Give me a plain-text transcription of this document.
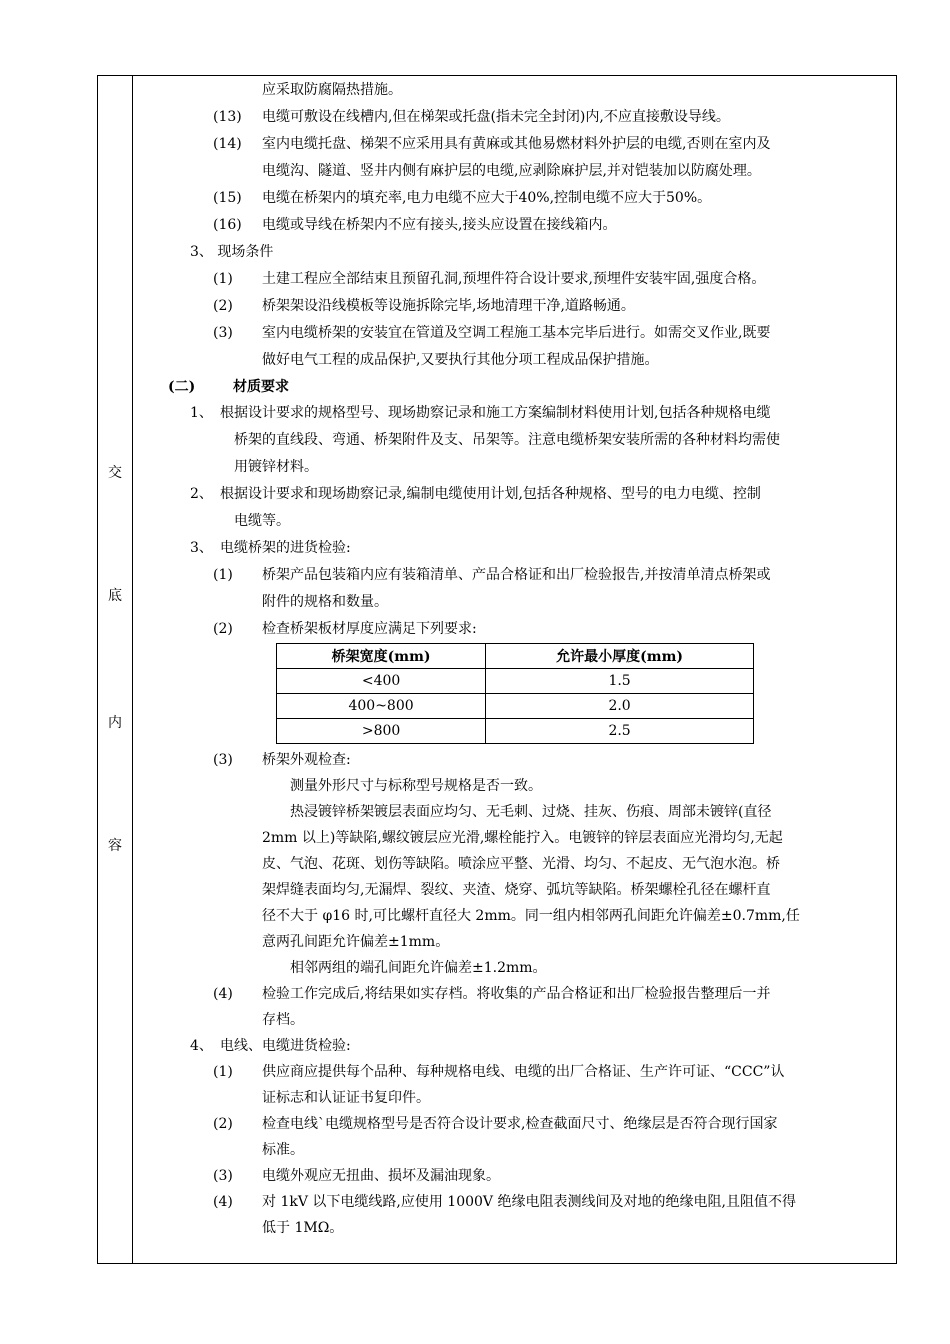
交
底
内
容
应采取防腐隔热措施。
(13) 电缆可敷设在线槽内,但在梯架或托盘(指未完全封闭)内,不应直接敷设导线。
(14) 室内电缆托盘、梯架不应采用具有黄麻或其他易燃材料外护层的电缆,否则在室内及
电缆沟、隧道、竖井内侧有麻护层的电缆,应剥除麻护层,并对铠装加以防腐处理。
(15) 电缆在桥架内的填充率,电力电缆不应大于40%,控制电缆不应大于50%。
(16) 电缆或导线在桥架内不应有接头,接头应设置在接线箱内。
3、 现场条件
(1) 土建工程应全部结束且预留孔洞,预埋件符合设计要求,预埋件安装牢固,强度合格。
(2) 桥架架设沿线模板等设施拆除完毕,场地清理干净,道路畅通。
(3) 室内电缆桥架的安装宜在管道及空调工程施工基本完毕后进行。如需交叉作业,既要
做好电气工程的成品保护,又要执行其他分项工程成品保护措施。
(二)	材质要求
1、 根据设计要求的规格型号、现场勘察记录和施工方案编制材料使用计划,包括各种规格电缆
桥架的直线段、弯通、桥架附件及支、吊架等。注意电缆桥架安装所需的各种材料均需使
用镀锌材料。
2、 根据设计要求和现场勘察记录,编制电缆使用计划,包括各种规格、型号的电力电缆、控制
电缆等。
3、 电缆桥架的进货检验:
(1) 桥架产品包装箱内应有装箱清单、产品合格证和出厂检验报告,并按清单清点桥架或
附件的规格和数量。
(2) 检查桥架板材厚度应满足下列要求:
桥架宽度(mm)	允许最小厚度(mm)
<400	1.5
400~800	2.0
>800	2.5
(3) 桥架外观检查:
测量外形尺寸与标称型号规格是否一致。
热浸镀锌桥架镀层表面应均匀、无毛刺、过烧、挂灰、伤痕、周部未镀锌(直径
2mm 以上)等缺陷,螺纹镀层应光滑,螺栓能拧入。电镀锌的锌层表面应光滑均匀,无起
皮、气泡、花斑、划伤等缺陷。喷涂应平整、光滑、均匀、不起皮、无气泡水泡。桥
架焊缝表面均匀,无漏焊、裂纹、夹渣、烧穿、弧坑等缺陷。桥架螺栓孔径在螺杆直
径不大于 φ16 时,可比螺杆直径大 2mm。同一组内相邻两孔间距允许偏差±0.7mm,任
意两孔间距允许偏差±1mm。
相邻两组的端孔间距允许偏差±1.2mm。
(4) 检验工作完成后,将结果如实存档。将收集的产品合格证和出厂检验报告整理后一并
存档。
4、 电线、电缆进货检验:
(1) 供应商应提供每个品种、每种规格电线、电缆的出厂合格证、生产许可证、“CCC”认
证标志和认证证书复印件。
(2) 检查电线`电缆规格型号是否符合设计要求,检查截面尺寸、绝缘层是否符合现行国家
标准。
(3) 电缆外观应无扭曲、损坏及漏油现象。
(4) 对 1kV 以下电缆线路,应使用 1000V 绝缘电阻表测线间及对地的绝缘电阻,且阻值不得
低于 1MΩ。
